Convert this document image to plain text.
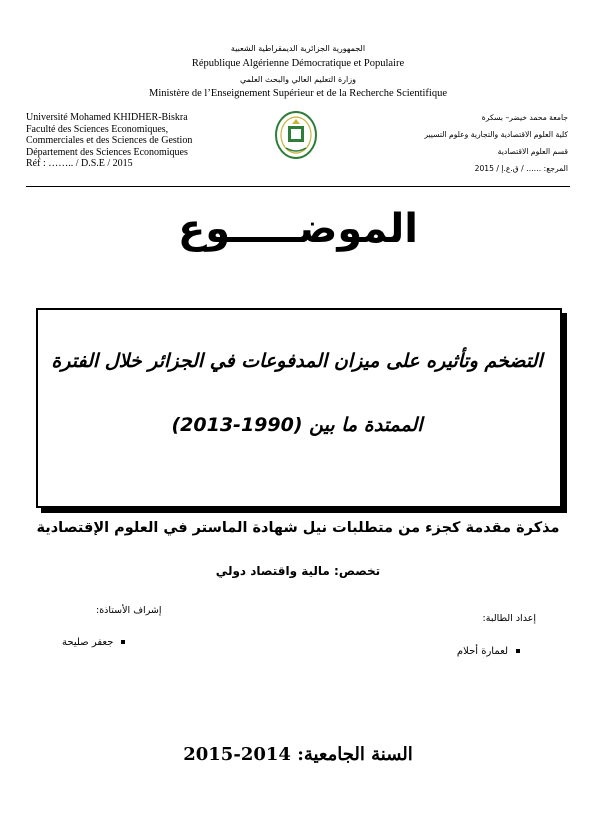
الجمهورية الجزائرية الديمقراطية الشعبية
République Algérienne Démocratique et Populaire
وزارة التعليم العالي والبحث العلمي
Ministère de l’Enseignement Supérieur et de la Recherche Scientifique
Université Mohamed KHIDHER-Biskra
Faculté des Sciences Economiques,
Commerciales et des Sciences de Gestion
Département des Sciences Economiques
Réf : …….. / D.S.E / 2015
جامعة محمد خيضر– بسكرة
كلية العلوم الاقتصادية والتجارية وعلوم التسيير
قسم العلوم الاقتصادية
المرجع: …… / ق.ع.إ / 2015
الموضـــــوع
التضخم وتأثيره على ميزان المدفوعات في الجزائر خلال الفترة
الممتدة ما بين (1990-2013)
مذكرة مقدمة كجزء من متطلبات نيل شهادة الماستر في العلوم الإقتصادية
تخصص: مالية واقتصاد دولي
إعداد الطالبة:
لعمارة أحلام
إشراف الأستاذة:
جعفر صليحة
السنة الجامعية: 2014-2015
